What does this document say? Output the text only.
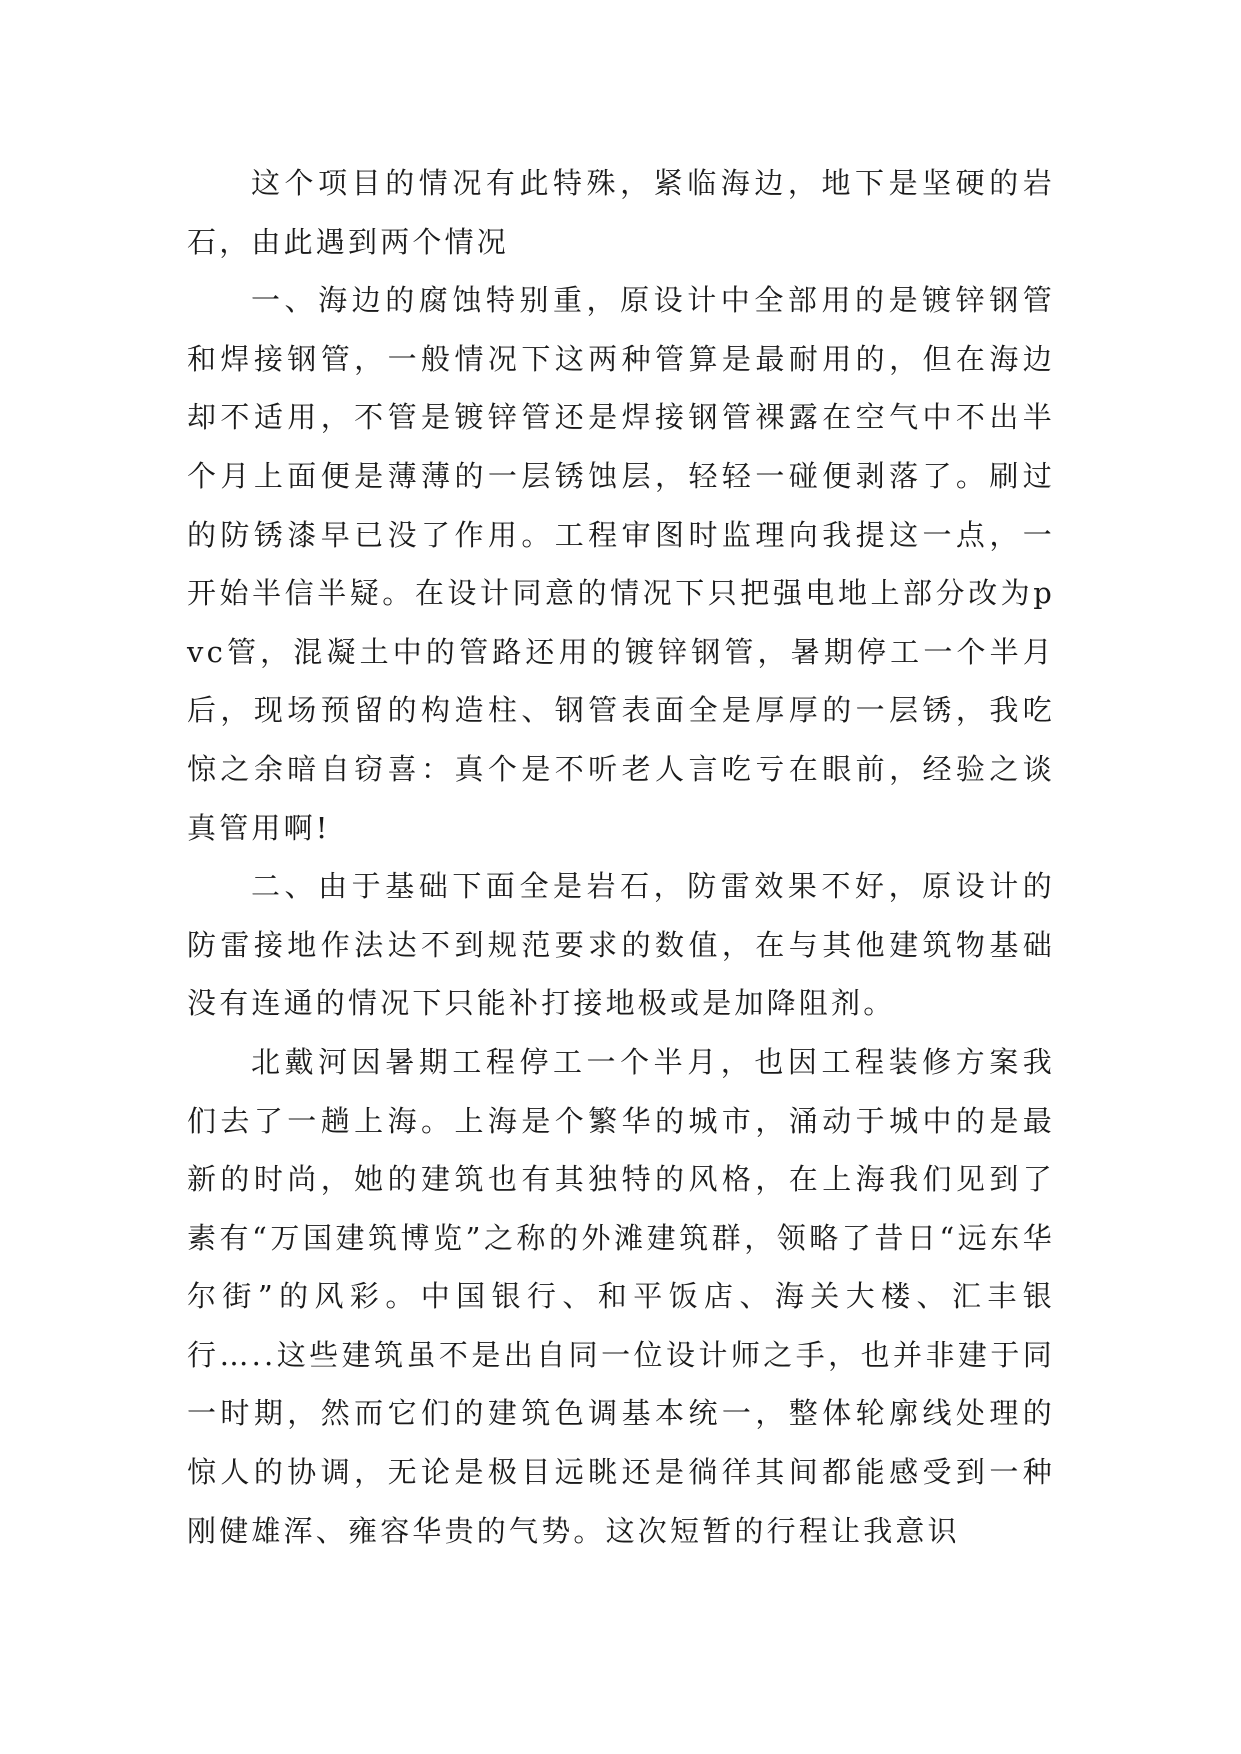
这个项目的情况有此特殊，紧临海边，地下是坚硬的岩石，由此遇到两个情况

一、海边的腐蚀特别重，原设计中全部用的是镀锌钢管和焊接钢管，一般情况下这两种管算是最耐用的，但在海边却不适用，不管是镀锌管还是焊接钢管裸露在空气中不出半个月上面便是薄薄的一层锈蚀层，轻轻一碰便剥落了。刷过的防锈漆早已没了作用。工程审图时监理向我提这一点，一开始半信半疑。在设计同意的情况下只把强电地上部分改为pvc管，混凝土中的管路还用的镀锌钢管，暑期停工一个半月后，现场预留的构造柱、钢管表面全是厚厚的一层锈，我吃惊之余暗自窃喜：真个是不听老人言吃亏在眼前，经验之谈真管用啊!

二、由于基础下面全是岩石，防雷效果不好，原设计的防雷接地作法达不到规范要求的数值，在与其他建筑物基础没有连通的情况下只能补打接地极或是加降阻剂。

北戴河因暑期工程停工一个半月，也因工程装修方案我们去了一趟上海。上海是个繁华的城市，涌动于城中的是最新的时尚，她的建筑也有其独特的风格，在上海我们见到了素有“万国建筑博览”之称的外滩建筑群，领略了昔日“远东华尔街”的风彩。中国银行、和平饭店、海关大楼、汇丰银行…..这些建筑虽不是出自同一位设计师之手，也并非建于同一时期，然而它们的建筑色调基本统一，整体轮廓线处理的惊人的协调，无论是极目远眺还是徜徉其间都能感受到一种刚健雄浑、雍容华贵的气势。这次短暂的行程让我意识
